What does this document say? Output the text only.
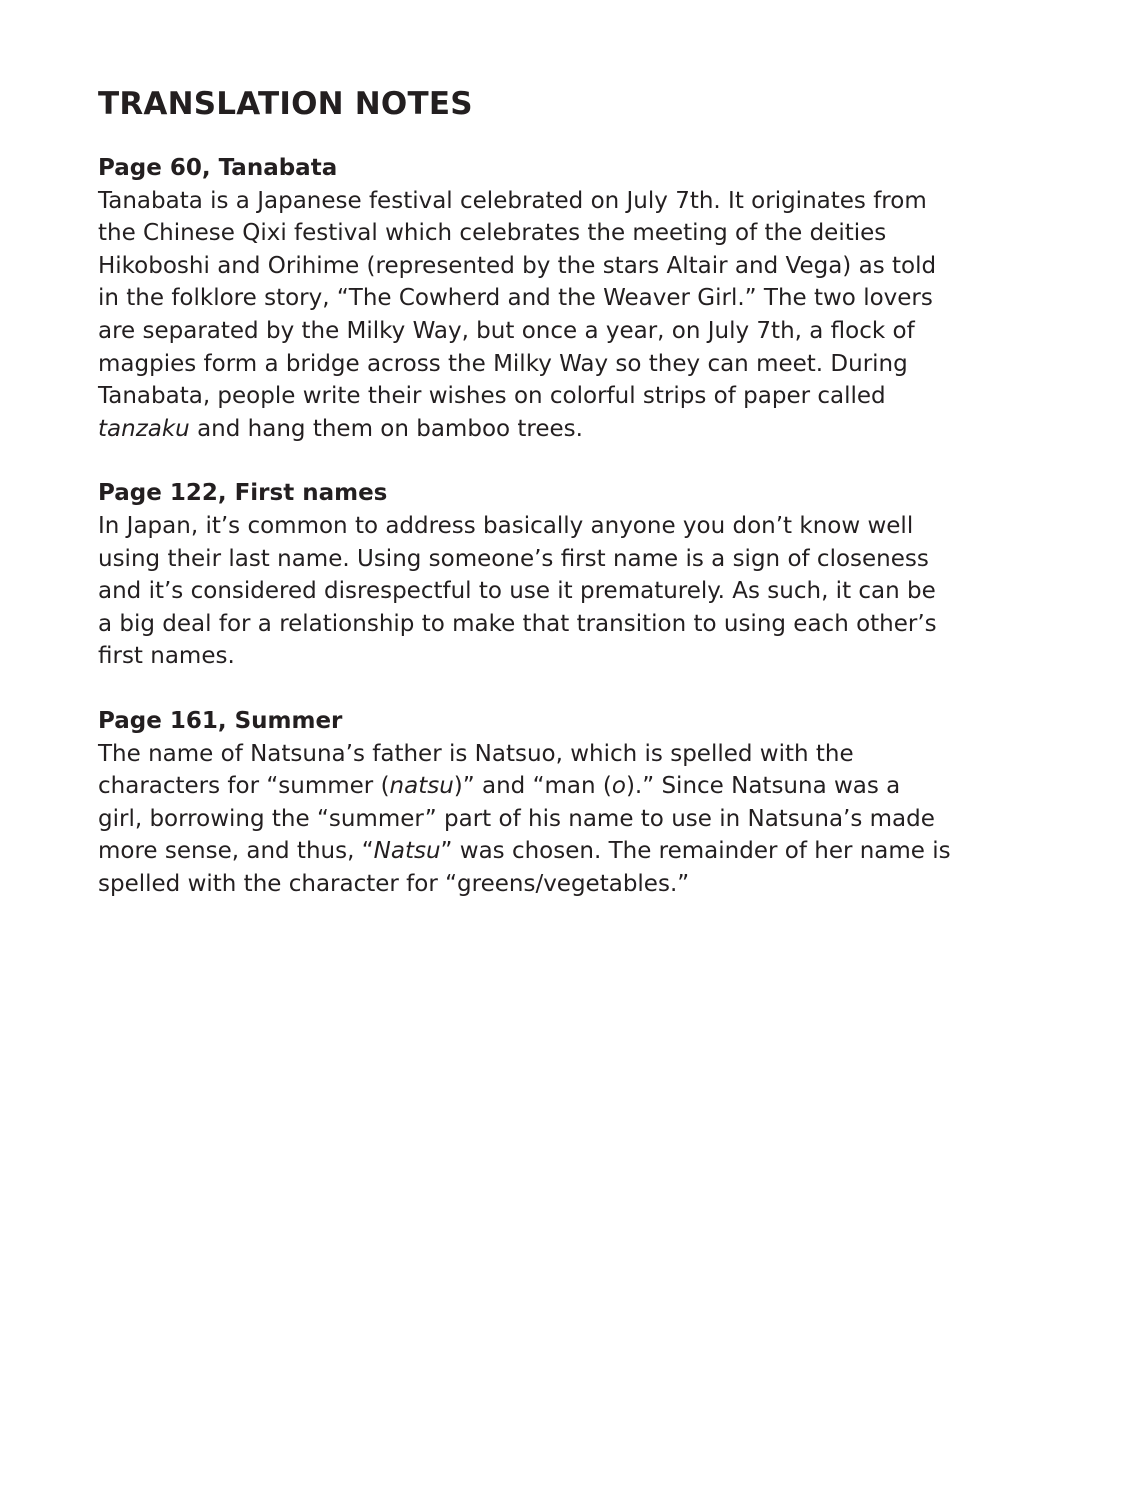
TRANSLATION NOTES
Page 60, Tanabata

Tanabata is a Japanese festival celebrated on July 7th. It originates from
the Chinese Qixi festival which celebrates the meeting of the deities
Hikoboshi and Orihime (represented by the stars Altair and Vega) as told
in the folklore story, “The Cowherd and the Weaver Girl.” The two lovers
are separated by the Milky Way, but once a year, on July 7th, a flock of
magpies form a bridge across the Milky Way so they can meet. During
Tanabata, people write their wishes on colorful strips of paper called
tanzaku and hang them on bamboo trees.

Page 122, First names

In Japan, it’s common to address basically anyone you don’t know well
using their last name. Using someone’s first name is a sign of closeness
and it’s considered disrespectful to use it prematurely. As such, it can be
a big deal for a relationship to make that transition to using each other’s
first names.

Page 161, Summer

The name of Natsuna’s father is Natsuo, which is spelled with the
characters for “summer (natsu)” and “man (o).” Since Natsuna was a
girl, borrowing the “summer” part of his name to use in Natsuna’s made
more sense, and thus, “Natsu” was chosen. The remainder of her name is
spelled with the character for “greens/vegetables.”
